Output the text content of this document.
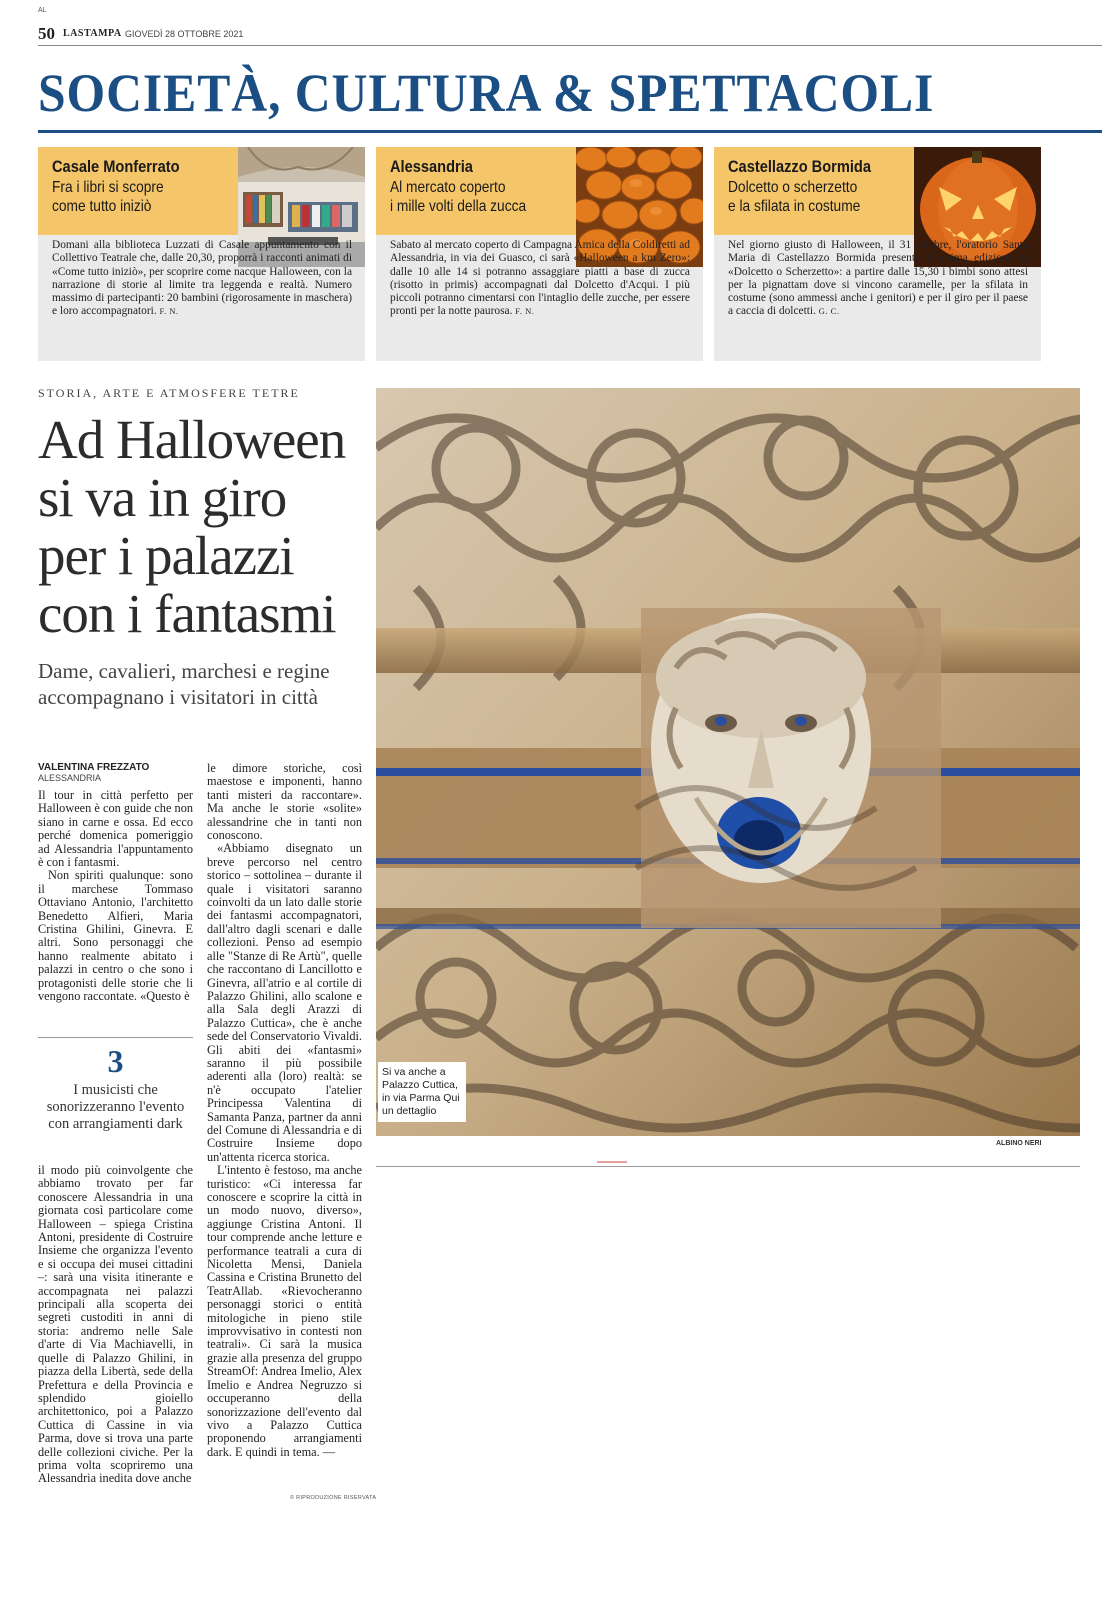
AL
50 LASTAMPA GIOVEDÌ 28 OTTOBRE 2021
SOCIETÀ, CULTURA & SPETTACOLI
Casale Monferrato
Fra i libri si scopre
come tutto iniziò
Domani alla biblioteca Luzzati di Casale appuntamento con il Collettivo Teatrale che, dalle 20,30, proporrà i racconti animati di «Come tutto iniziò», per scoprire come nacque Halloween, con la narrazione di storie al limite tra leggenda e realtà. Numero massimo di partecipanti: 20 bambini (rigorosamente in maschera) e loro accompagnatori. F. N.
Alessandria
Al mercato coperto
i mille volti della zucca
Sabato al mercato coperto di Campagna Amica della Coldiretti ad Alessandria, in via dei Guasco, ci sarà «Halloween a km Zero»: dalle 10 alle 14 si potranno assaggiare piatti a base di zucca (risotto in primis) accompagnati dal Dolcetto d'Acqui. I più piccoli potranno cimentarsi con l'intaglio delle zucche, per essere pronti per la notte paurosa. F. N.
Castellazzo Bormida
Dolcetto o scherzetto
e la sfilata in costume
Nel giorno giusto di Halloween, il 31 ottobre, l'oratorio Santa Maria di Castellazzo Bormida presenta la prima edizione di «Dolcetto o Scherzetto»: a partire dalle 15,30 i bimbi sono attesi per la pignattam dove si vincono caramelle, per la sfilata in costume (sono ammessi anche i genitori) e per il giro per il paese a caccia di dolcetti. G. C.
STORIA, ARTE E ATMOSFERE TETRE
Ad Halloween
si va in giro
per i palazzi
con i fantasmi
Dame, cavalieri, marchesi e regine
accompagnano i visitatori in città
VALENTINA FREZZATO
ALESSANDRIA

Il tour in città perfetto per Halloween è con guide che non siano in carne e ossa. Ed ecco perché domenica pomeriggio ad Alessandria l'appuntamento è con i fantasmi.

Non spiriti qualunque: sono il marchese Tommaso Ottaviano Antonio, l'architetto Benedetto Alfieri, Maria Cristina Ghilini, Ginevra. E altri. Sono personaggi che hanno realmente abitato i palazzi in centro o che sono i protagonisti delle storie che li vengono raccontate. «Questo è

3
I musicisti che sonorizzeranno l'evento con arrangiamenti dark

il modo più coinvolgente che abbiamo trovato per far conoscere Alessandria in una giornata così particolare come Halloween – spiega Cristina Antoni, presidente di Costruire Insieme che organizza l'evento e si occupa dei musei cittadini –: sarà una visita itinerante e accompagnata nei palazzi principali alla scoperta dei segreti custoditi in anni di storia: andremo nelle Sale d'arte di Via Machiavelli, in quelle di Palazzo Ghilini, in piazza della Libertà, sede della Prefettura e della Provincia e splendido gioiello architettonico, poi a Palazzo Cuttica di Cassine in via Parma, dove si trova una parte delle collezioni civiche. Per la prima volta scopriremo una Alessandria inedita dove anche

le dimore storiche, così maestose e imponenti, hanno tanti misteri da raccontare». Ma anche le storie «solite» alessandrine che in tanti non conoscono.

«Abbiamo disegnato un breve percorso nel centro storico – sottolinea – durante il quale i visitatori saranno coinvolti da un lato dalle storie dei fantasmi accompagnatori, dall'altro dagli scenari e dalle collezioni. Penso ad esempio alle "Stanze di Re Artù", quelle che raccontano di Lancillotto e Ginevra, all'atrio e al cortile di Palazzo Ghilini, allo scalone e alla Sala degli Arazzi di Palazzo Cuttica», che è anche sede del Conservatorio Vivaldi. Gli abiti dei «fantasmi» saranno il più possibile aderenti alla (loro) realtà: se n'è occupato l'atelier Principessa Valentina di Samanta Panza, partner da anni del Comune di Alessandria e di Costruire Insieme dopo un'attenta ricerca storica.

L'intento è festoso, ma anche turistico: «Ci interessa far conoscere e scoprire la città in un modo nuovo, diverso», aggiunge Cristina Antoni. Il tour comprende anche letture e performance teatrali a cura di Nicoletta Mensi, Daniela Cassina e Cristina Brunetto del TeatrAllab. «Rievocheranno personaggi storici o entità mitologiche in pieno stile improvvisativo in contesti non teatrali». Ci sarà la musica grazie alla presenza del gruppo StreamOf: Andrea Imelio, Alex Imelio e Andrea Negruzzo si occuperanno della sonorizzazione dell'evento dal vivo a Palazzo Cuttica proponendo arrangiamenti dark. E quindi in tema. —

© RIPRODUZIONE RISERVATA
Si va anche a Palazzo Cuttica, in via Parma Qui un dettaglio
ALBINO NERI
